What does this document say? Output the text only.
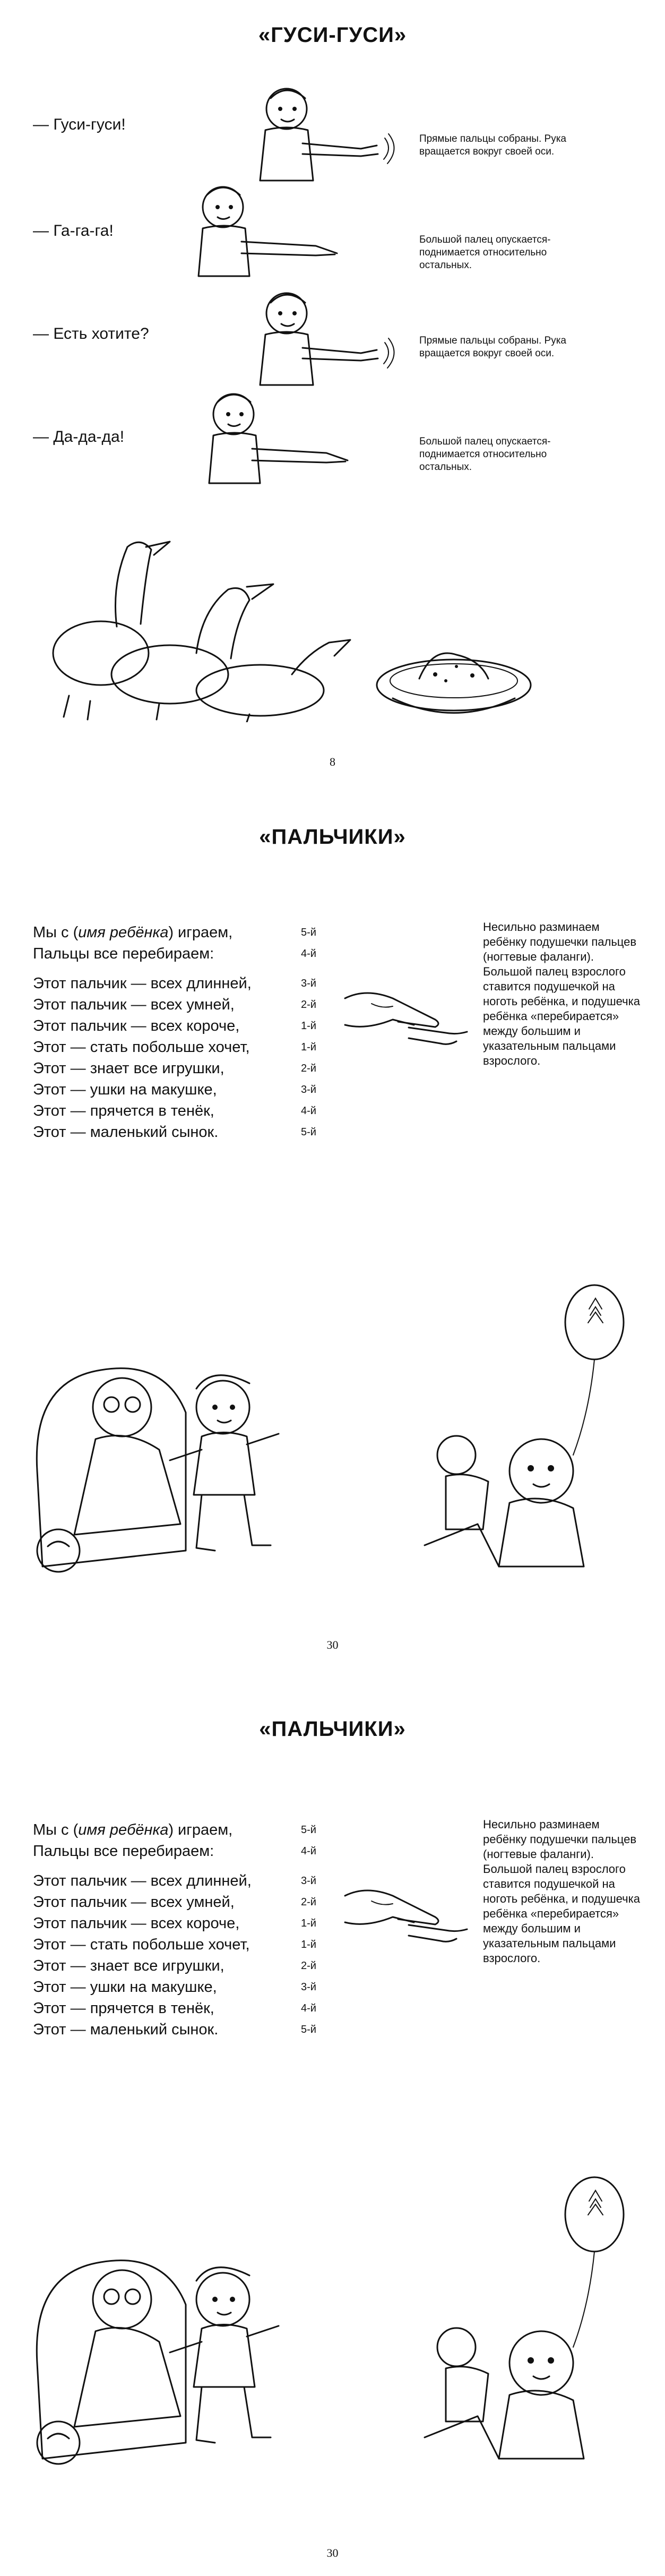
«ГУСИ-ГУСИ»
— Гуси-гуси!
Прямые пальцы собраны. Рука вращается вокруг своей оси.
— Га-га-га!
Большой палец опускается-поднимается относительно остальных.
— Есть хотите?	Прямые пальцы собраны. Рука вращается вокруг своей оси.
— Да-да-да!	Большой палец опускается-поднимается относительно остальных.
8
«ПАЛЬЧИКИ»
Мы с (имя ребёнка) играем,	5-й
Пальцы все перебираем:	4-й
Этот пальчик — всех длинней,	3-й
Этот пальчик — всех умней,	2-й
Этот пальчик — всех короче,	1-й
Этот — стать побольше хочет,	1-й
Этот — знает все игрушки,	2-й
Этот — ушки на макушке,	3-й
Этот — прячется в тенёк,	4-й
Этот — маленький сынок.	5-й
Несильно разминаем ребёнку подушечки пальцев (ногтевые фаланги). Большой палец взрослого ставится подушечкой на ноготь ребёнка, и подушечка ребёнка «перебирается» между большим и указательным пальцами взрослого.
30
«ПАЛЬЧИКИ»
Мы с (имя ребёнка) играем,	5-й
Пальцы все перебираем:	4-й
Этот пальчик — всех длинней,	3-й
Этот пальчик — всех умней,	2-й
Этот пальчик — всех короче,	1-й
Этот — стать побольше хочет,	1-й
Этот — знает все игрушки,	2-й
Этот — ушки на макушке,	3-й
Этот — прячется в тенёк,	4-й
Этот — маленький сынок.	5-й
Несильно разминаем ребёнку подушечки пальцев (ногтевые фаланги). Большой палец взрослого ставится подушечкой на ноготь ребёнка, и подушечка ребёнка «перебирается» между большим и указательным пальцами взрослого.
30
